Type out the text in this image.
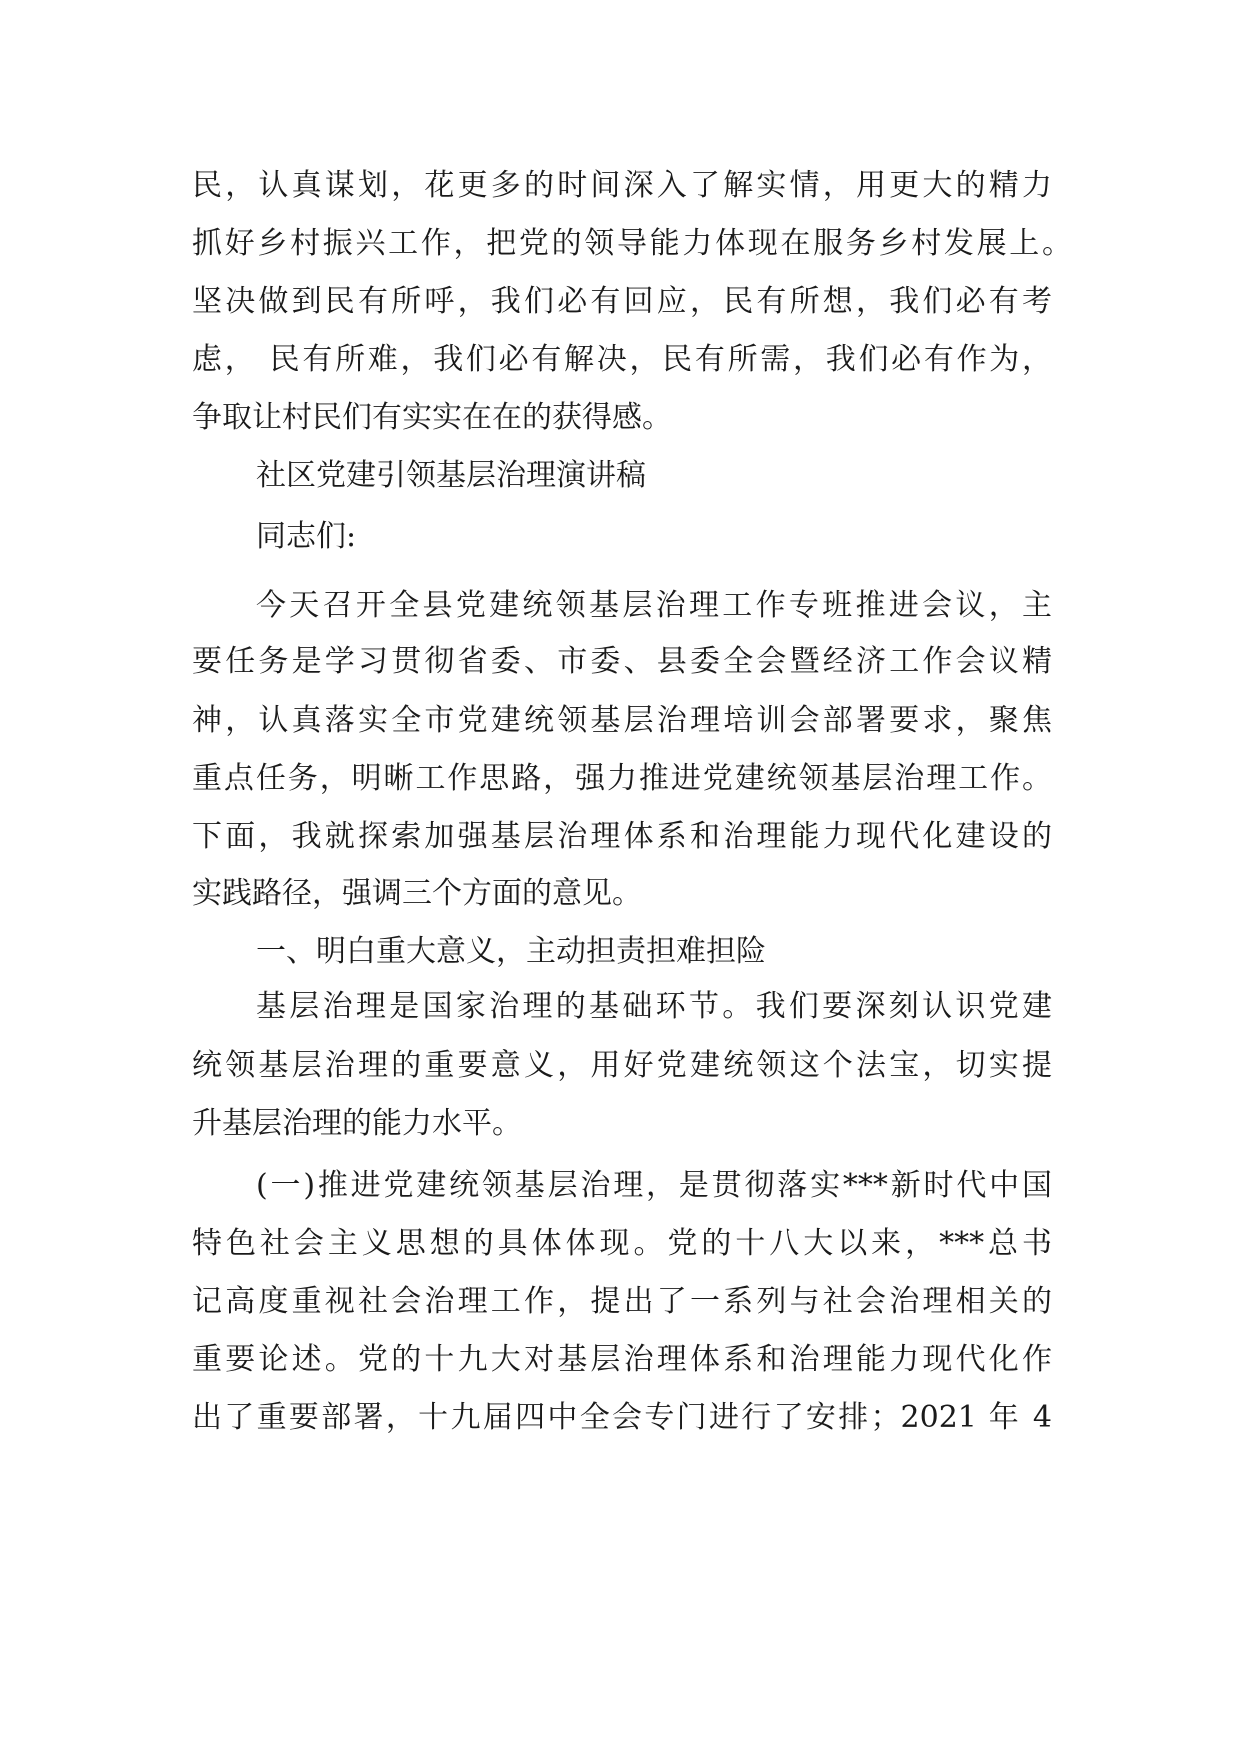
民，认真谋划，花更多的时间深入了解实情，用更大的精力
抓好乡村振兴工作，把党的领导能力体现在服务乡村发展上。
坚决做到民有所呼，我们必有回应，民有所想，我们必有考
虑， 民有所难，我们必有解决，民有所需，我们必有作为，
争取让村民们有实实在在的获得感。
社区党建引领基层治理演讲稿
同志们:
今天召开全县党建统领基层治理工作专班推进会议，主
要任务是学习贯彻省委、市委、县委全会暨经济工作会议精
神，认真落实全市党建统领基层治理培训会部署要求，聚焦
重点任务，明晰工作思路，强力推进党建统领基层治理工作。
下面，我就探索加强基层治理体系和治理能力现代化建设的
实践路径，强调三个方面的意见。
一、明白重大意义，主动担责担难担险
基层治理是国家治理的基础环节。我们要深刻认识党建
统领基层治理的重要意义，用好党建统领这个法宝，切实提
升基层治理的能力水平。
(一)推进党建统领基层治理，是贯彻落实***新时代中国
特色社会主义思想的具体体现。党的十八大以来，***总书
记高度重视社会治理工作，提出了一系列与社会治理相关的
重要论述。党的十九大对基层治理体系和治理能力现代化作
出了重要部署，十九届四中全会专门进行了安排；2021 年 4
